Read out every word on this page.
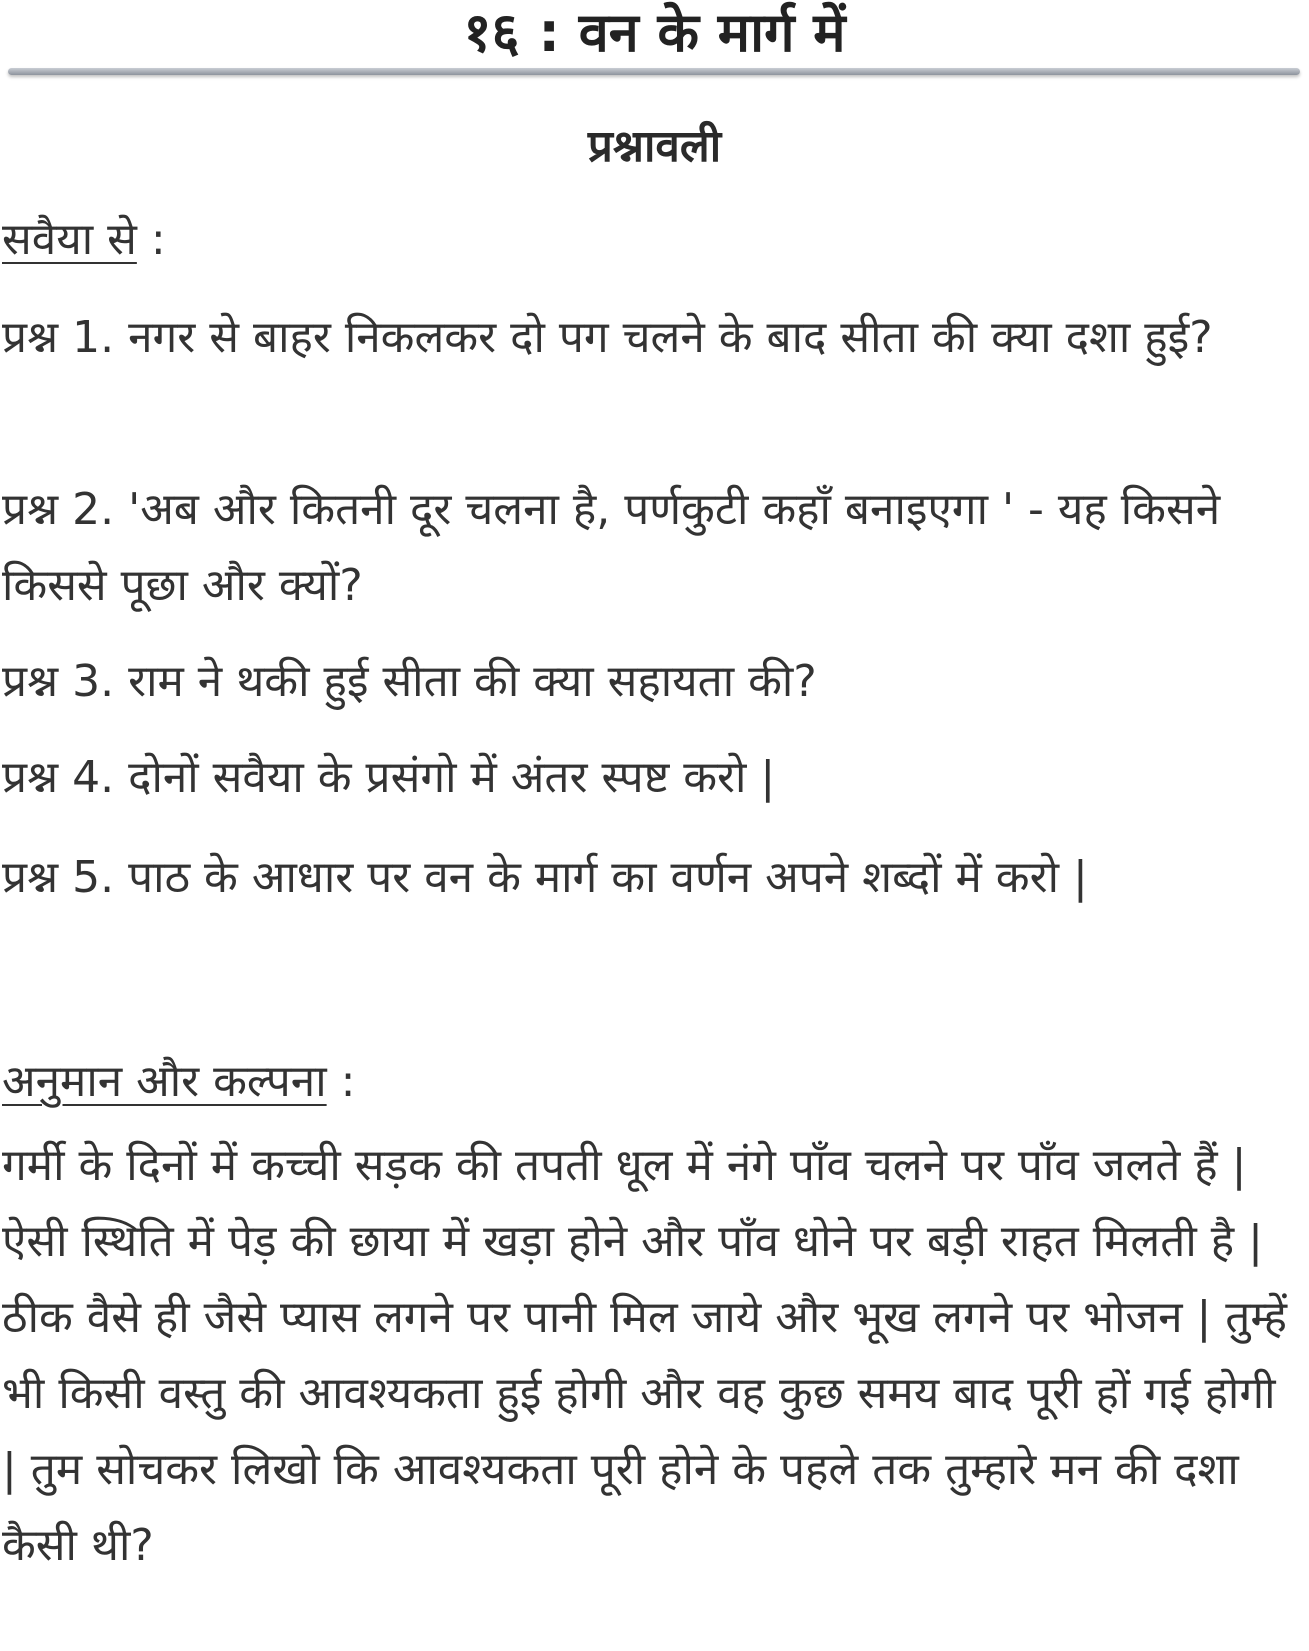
१६ : वन के मार्ग में
प्रश्नावली
सवैया से :

प्रश्न 1. नगर से बाहर निकलकर दो पग चलने के बाद सीता की क्या दशा हुई?

प्रश्न 2. 'अब और कितनी दूर चलना है, पर्णकुटी कहाँ बनाइएगा ' - यह किसने किससे पूछा और क्यों?

प्रश्न 3. राम ने थकी हुई सीता की क्या सहायता की?

प्रश्न 4. दोनों सवैया के प्रसंगो में अंतर स्पष्ट करो |

प्रश्न 5. पाठ के आधार पर वन के मार्ग का वर्णन अपने शब्दों में करो |

अनुमान और कल्पना :

गर्मी के दिनों में कच्ची सड़क की तपती धूल में नंगे पाँव चलने पर पाँव जलते हैं | ऐसी स्थिति में पेड़ की छाया में खड़ा होने और पाँव धोने पर बड़ी राहत मिलती है | ठीक वैसे ही जैसे प्यास लगने पर पानी मिल जाये और भूख लगने पर भोजन | तुम्हें भी किसी वस्तु की आवश्यकता हुई होगी और वह कुछ समय बाद पूरी हों गई होगी | तुम सोचकर लिखो कि आवश्यकता पूरी होने के पहले तक तुम्हारे मन की दशा कैसी थी?
